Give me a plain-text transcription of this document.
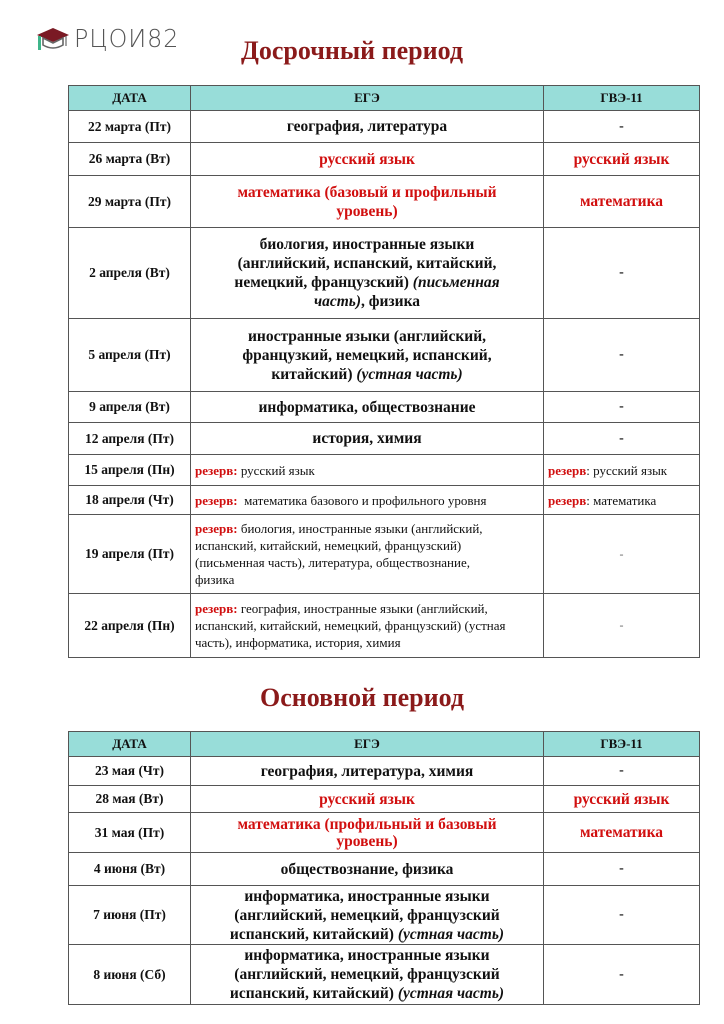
РЦОИ82	Досрочный период
ДАТА	ЕГЭ	ГВЭ-11
22 марта (Пт)	география, литература	-
26 марта (Вт)	русский язык	русский язык
29 марта (Пт)	математика (базовый и профильный уровень)	математика
2 апреля (Вт)	биология, иностранные языки (английский, испанский, китайский, немецкий, французский) (письменная часть), физика	-
5 апреля (Пт)	иностранные языки (английский, французкий, немецкий, испанский, китайский) (устная часть)	-
9 апреля (Вт)	информатика, обществознание	-
12 апреля (Пт)	история, химия	-
15 апреля (Пн)	резерв: русский язык	резерв: русский язык
18 апреля (Чт)	резерв:  математика базового и профильного уровня	резерв: математика
19 апреля (Пт)	резерв: биология, иностранные языки (английский, испанский, китайский, немецкий, французский) (письменная часть), литература, обществознание, физика	-
22 апреля (Пн)	резерв: география, иностранные языки (английский, испанский, китайский, немецкий, французский) (устная часть), информатика, история, химия	-
Основной период
ДАТА	ЕГЭ	ГВЭ-11
23 мая (Чт)	география, литература, химия	-
28 мая (Вт)	русский язык	русский язык
31 мая (Пт)	математика (профильный и базовый уровень)	математика
4 июня (Вт)	обществознание, физика	-
7 июня (Пт)	информатика, иностранные языки (английский, немецкий, французский испанский, китайский) (устная часть)	-
8 июня (Сб)	информатика, иностранные языки (английский, немецкий, французский испанский, китайский) (устная часть)	-
